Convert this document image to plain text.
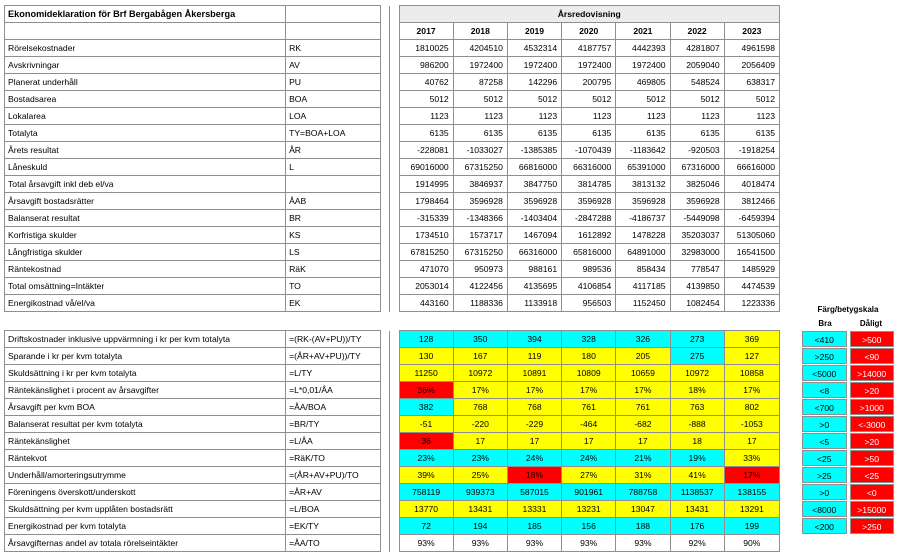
Ekonomideklaration för Brf Bergabågen Åkersberga				Årsredovisning						
				2017	2018	2019	2020	2021	2022	2023
Rörelsekostnader	RK			1810025	4204510	4532314	4187757	4442393	4281807	4961598
Avskrivningar	AV			986200	1972400	1972400	1972400	1972400	2059040	2056409
Planerat underhåll	PU			40762	87258	142296	200795	469805	548524	638317
Bostadsarea	BOA			5012	5012	5012	5012	5012	5012	5012
Lokalarea	LOA			1123	1123	1123	1123	1123	1123	1123
Totalyta	TY=BOA+LOA			6135	6135	6135	6135	6135	6135	6135
Årets resultat	ÅR			-228081	-1033027	-1385385	-1070439	-1183642	-920503	-1918254
Låneskuld	L			69016000	67315250	66816000	66316000	65391000	67316000	66616000
Total årsavgift inkl deb el/va				1914995	3846937	3847750	3814785	3813132	3825046	4018474
Årsavgift bostadsrätter	ÅAB			1798464	3596928	3596928	3596928	3596928	3596928	3812466
Balanserat resultat	BR			-315339	-1348366	-1403404	-2847288	-4186737	-5449098	-6459394
Korfristiga skulder	KS			1734510	1573717	1467094	1612892	1478228	35203037	51305060
Långfristiga skulder	LS			67815250	67315250	66316000	65816000	64891000	32983000	16541500
Räntekostnad	RäK			471070	950973	988161	989536	858434	778547	1485929
Total omsättning=Intäkter	TO			2053014	4122456	4135695	4106854	4117185	4139850	4474539
Energikostnad vå/el/va	EK			443160	1188336	1133918	956503	1152450	1082454	1223336

Driftskostnader inklusive uppvärmning i kr per kvm totalyta	=(RK-(AV+PU))/TY			128	350	394	328	326	273	369
Sparande i kr per kvm totalyta	=(ÅR+AV+PU))/TY			130	167	119	180	205	275	127
Skuldsättning i kr per kvm totalyta	=L/TY			11250	10972	10891	10809	10659	10972	10858
Räntekänslighet i procent av årsavgifter	=L*0,01/ÅA			36%	17%	17%	17%	17%	18%	17%
Årsavgift per kvm BOA	=ÅA/BOA			382	768	768	761	761	763	802
Balanserat resultat per kvm totalyta	=BR/TY			-51	-220	-229	-464	-682	-888	-1053
Räntekänslighet	=L/ÅA			36	17	17	17	17	18	17
Räntekvot	=RäK/TO			23%	23%	24%	24%	21%	19%	33%
Underhåll/amorteringsutrymme	=(ÅR+AV+PU)/TO			39%	25%	18%	27%	31%	41%	17%
Föreningens överskott/underskott	=ÅR+AV			758119	939373	587015	901961	788758	1138537	138155
Skuldsättning per kvm upplåten bostadsrätt	=L/BOA			13770	13431	13331	13231	13047	13431	13291
Energikostnad per kvm totalyta	=EK/TY			72	194	185	156	188	176	199
Årsavgifternas andel av totala rörelseintäkter	=ÅA/TO			93%	93%	93%	93%	93%	92%	90%
Färg/betygskala
Bra	Dåligt
<410	>500
>250	<90
<5000	>14000
<8	>20
<700	>1000
>0	<-3000
<5	>20
<25	>50
>25	<25
>0	<0
<8000	>15000
<200	>250
